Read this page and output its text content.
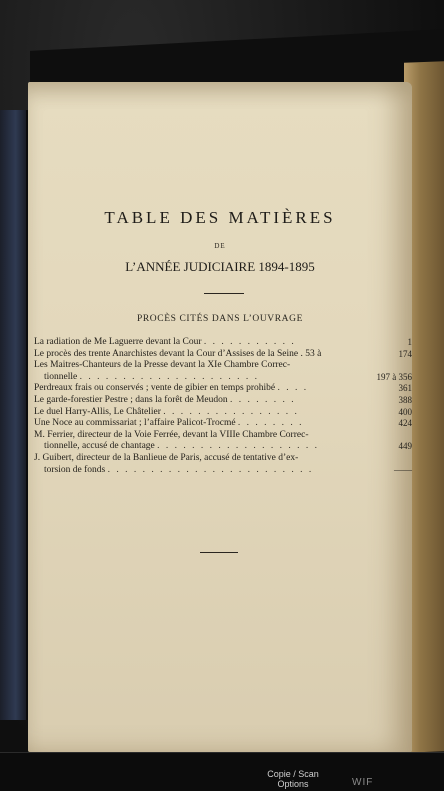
TABLE DES MATIÈRES
DE
L’ANNÉE JUDICIAIRE 1894-1895
PROCÈS CITÉS DANS L’OUVRAGE
La radiation de Me Laguerre devant la Cour . . . . . . . . . . .	1
Le procès des trente Anarchistes devant la Cour d’Assises de la Seine . 53 à	174
Les Maitres-Chanteurs de la Presse devant la XIe Chambre Correc-
tionnelle . . . . . . . . . . . . . . . . . . . . .	197 à 356
Perdreaux frais ou conservés ; vente de gibier en temps prohibé . . . .	361
Le garde-forestier Pestre ; dans la forêt de Meudon . . . . . . . .	388
Le duel Harry-Allis, Le Châtelier . . . . . . . . . . . . . . . .	400
Une Noce au commissariat ; l’affaire Palicot-Trocmé . . . . . . . .	424
M. Ferrier, directeur de la Voie Ferrée, devant la VIIIe Chambre Correc-
tionnelle, accusé de chantage . . . . . . . . . . . . . . . . . . .	449
J. Guibert, directeur de la Banlieue de Paris, accusé de tentative d’ex-
torsion de fonds . . . . . . . . . . . . . . . . . . . . . . . .	——
Copie / Scan
Options	WIF
